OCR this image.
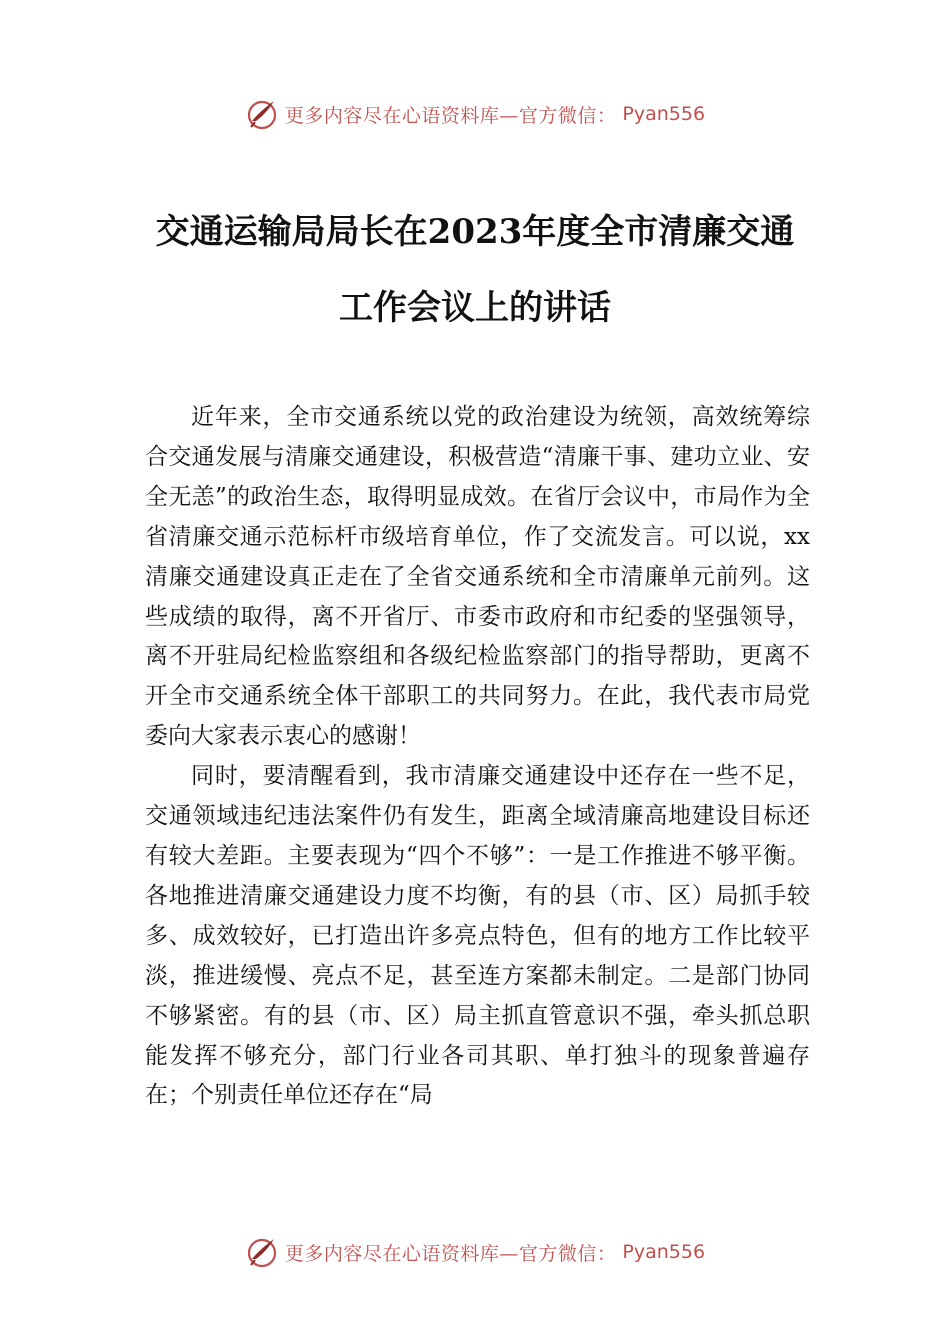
更多内容尽在心语资料库—官方微信： Pyan556
交通运输局局长在2023年度全市清廉交通
工作会议上的讲话

近年来，全市交通系统以党的政治建设为统领，高效统筹综合交通发展与清廉交通建设，积极营造“清廉干事、建功立业、安全无恙”的政治生态，取得明显成效。在省厅会议中，市局作为全省清廉交通示范标杆市级培育单位，作了交流发言。可以说，xx清廉交通建设真正走在了全省交通系统和全市清廉单元前列。这些成绩的取得，离不开省厅、市委市政府和市纪委的坚强领导，离不开驻局纪检监察组和各级纪检监察部门的指导帮助，更离不开全市交通系统全体干部职工的共同努力。在此，我代表市局党委向大家表示衷心的感谢！

同时，要清醒看到，我市清廉交通建设中还存在一些不足，交通领域违纪违法案件仍有发生，距离全域清廉高地建设目标还有较大差距。主要表现为“四个不够”：一是工作推进不够平衡。各地推进清廉交通建设力度不均衡，有的县（市、区）局抓手较多、成效较好，已打造出许多亮点特色，但有的地方工作比较平淡，推进缓慢、亮点不足，甚至连方案都未制定。二是部门协同不够紧密。有的县（市、区）局主抓直管意识不强，牵头抓总职能发挥不够充分，部门行业各司其职、单打独斗的现象普遍存在；个别责任单位还存在“局

更多内容尽在心语资料库—官方微信： Pyan556
